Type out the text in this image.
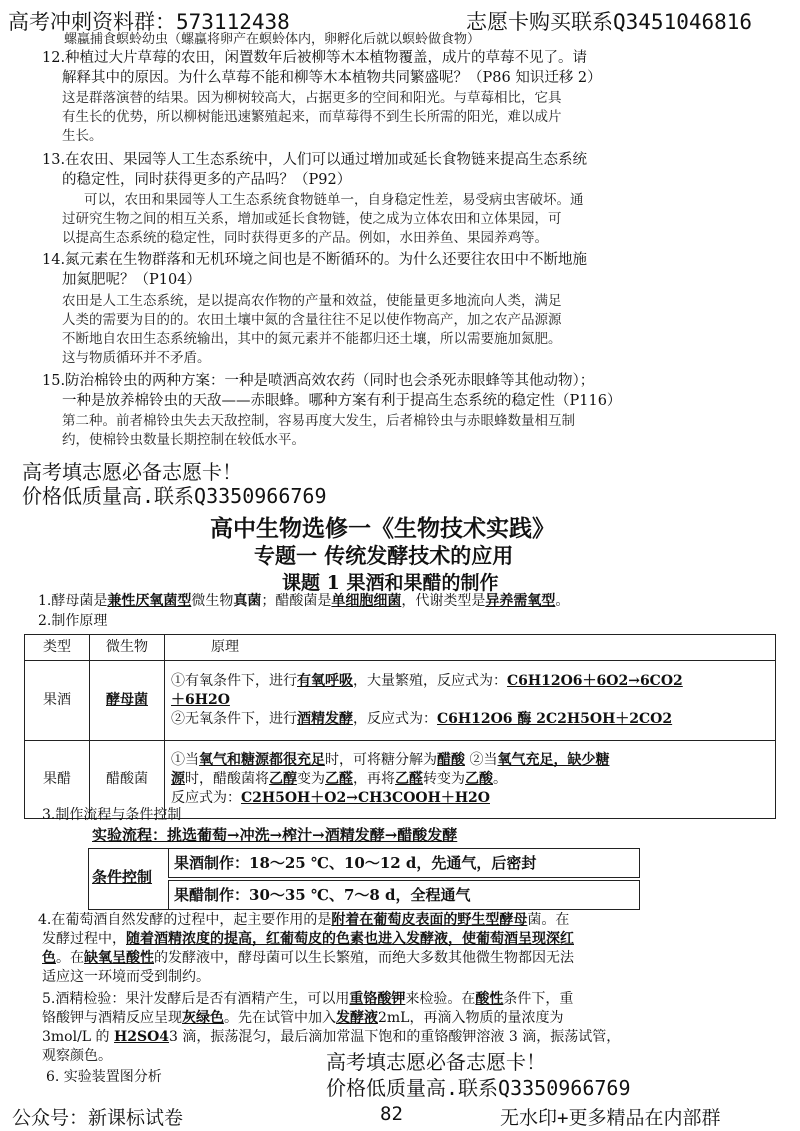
高考冲刺资料群：573112438	志愿卡购买联系Q3451046816
螺蠃捕食螟蛉幼虫（螺蠃将卵产在螟蛉体内，卵孵化后就以螟蛉做食物）
12.种植过大片草莓的农田，闲置数年后被柳等木本植物覆盖，成片的草莓不见了。请
解释其中的原因。为什么草莓不能和柳等木本植物共同繁盛呢？（P86 知识迁移 2）
这是群落演替的结果。因为柳树较高大，占据更多的空间和阳光。与草莓相比，它具
有生长的优势，所以柳树能迅速繁殖起来，而草莓得不到生长所需的阳光，难以成片
生长。
13.在农田、果园等人工生态系统中，人们可以通过增加或延长食物链来提高生态系统
的稳定性，同时获得更多的产品吗？（P92）
可以，农田和果园等人工生态系统食物链单一，自身稳定性差，易受病虫害破坏。通
过研究生物之间的相互关系，增加或延长食物链，使之成为立体农田和立体果园，可
以提高生态系统的稳定性，同时获得更多的产品。例如，水田养鱼、果园养鸡等。
14.氮元素在生物群落和无机环境之间也是不断循环的。为什么还要往农田中不断地施
加氮肥呢？（P104）
农田是人工生态系统，是以提高农作物的产量和效益，使能量更多地流向人类，满足
人类的需要为目的的。农田土壤中氮的含量往往不足以使作物高产，加之农产品源源
不断地自农田生态系统输出，其中的氮元素并不能都归还土壤，所以需要施加氮肥。
这与物质循环并不矛盾。
15.防治棉铃虫的两种方案：一种是喷洒高效农药（同时也会杀死赤眼蜂等其他动物）；
一种是放养棉铃虫的天敌——赤眼蜂。哪种方案有利于提高生态系统的稳定性（P116）
第二种。前者棉铃虫失去天敌控制，容易再度大发生，后者棉铃虫与赤眼蜂数量相互制
约，使棉铃虫数量长期控制在较低水平。
高考填志愿必备志愿卡！
价格低质量高.联系Q3350966769
高中生物选修一《生物技术实践》
专题一 传统发酵技术的应用
课题 1 果酒和果醋的制作
1.酵母菌是兼性厌氧菌型微生物真菌；醋酸菌是单细胞细菌，代谢类型是异养需氧型。
2.制作原理
类型	微生物	原理
果酒	酵母菌	①有氧条件下，进行有氧呼吸，大量繁殖，反应式为：C6H12O6＋6O2→6CO2
＋6H2O
②无氧条件下，进行酒精发酵，反应式为：C6H12O6 酶 2C2H5OH＋2CO2

果醋	醋酸菌	①当氧气和糖源都很充足时，可将糖分解为醋酸 ②当氧气充足，缺少糖
源时，醋酸菌将乙醇变为乙醛，再将乙醛转变为乙酸。
反应式为：C2H5OH＋O2→CH3COOH＋H2O
3.制作流程与条件控制
实验流程：挑选葡萄→冲洗→榨汁→酒精发酵→醋酸发酵
条件控制
果酒制作：18～25 ℃、10～12 d，先通气，后密封
果醋制作：30～35 ℃、7～8 d，全程通气
4.在葡萄酒自然发酵的过程中，起主要作用的是附着在葡萄皮表面的野生型酵母菌。在
发酵过程中，随着酒精浓度的提高，红葡萄皮的色素也进入发酵液，使葡萄酒呈现深红
色。在缺氧呈酸性的发酵液中，酵母菌可以生长繁殖，而绝大多数其他微生物都因无法
适应这一环境而受到制约。
5.酒精检验：果汁发酵后是否有酒精产生，可以用重铬酸钾来检验。在酸性条件下，重
铬酸钾与酒精反应呈现灰绿色。先在试管中加入发酵液2mL，再滴入物质的量浓度为
3mol/L 的 H2SO43 滴，振荡混匀，最后滴加常温下饱和的重铬酸钾溶液 3 滴，振荡试管，
观察颜色。
6. 实验装置图分析
高考填志愿必备志愿卡！
价格低质量高.联系Q3350966769
公众号：新课标试卷	82	无水印+更多精品在内部群
